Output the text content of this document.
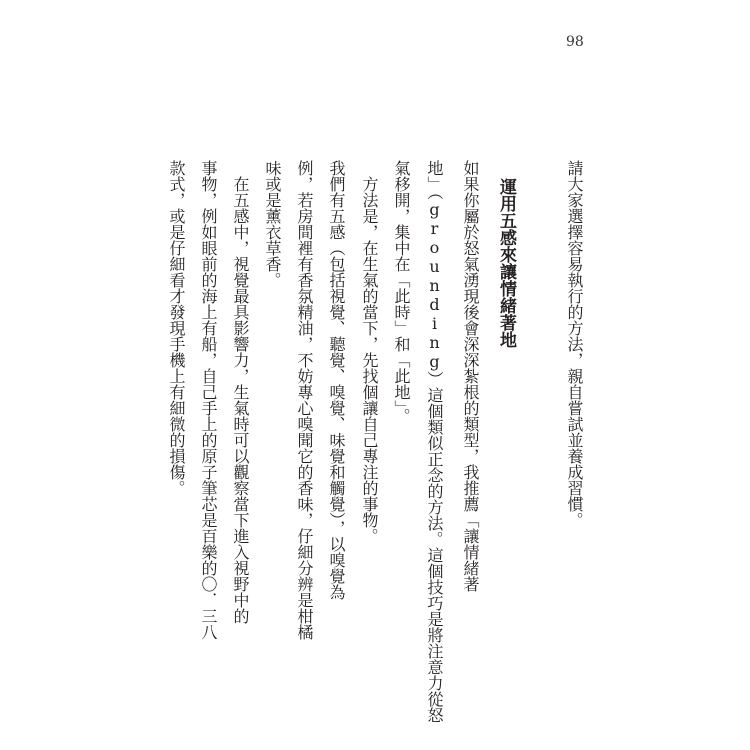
98
請大家選擇容易執行的方法，親自嘗試並養成習慣。
運用五感來讓情緒著地
如果你屬於怒氣湧現後會深深紮根的類型，我推薦「讓情緒著
地」（grounding）這個類似正念的方法。這個技巧是將注意力從怒
氣移開，集中在「此時」和「此地」。
方法是，在生氣的當下，先找個讓自己專注的事物。
我們有五感（包括視覺、聽覺、嗅覺、味覺和觸覺），以嗅覺為
例，若房間裡有香氛精油，不妨專心嗅聞它的香味，仔細分辨是柑橘
味或是薰衣草香。
在五感中，視覺最具影響力，生氣時可以觀察當下進入視野中的
事物，例如眼前的海上有船，自己手上的原子筆芯是百樂的〇．三八
款式，或是仔細看才發現手機上有細微的損傷。
